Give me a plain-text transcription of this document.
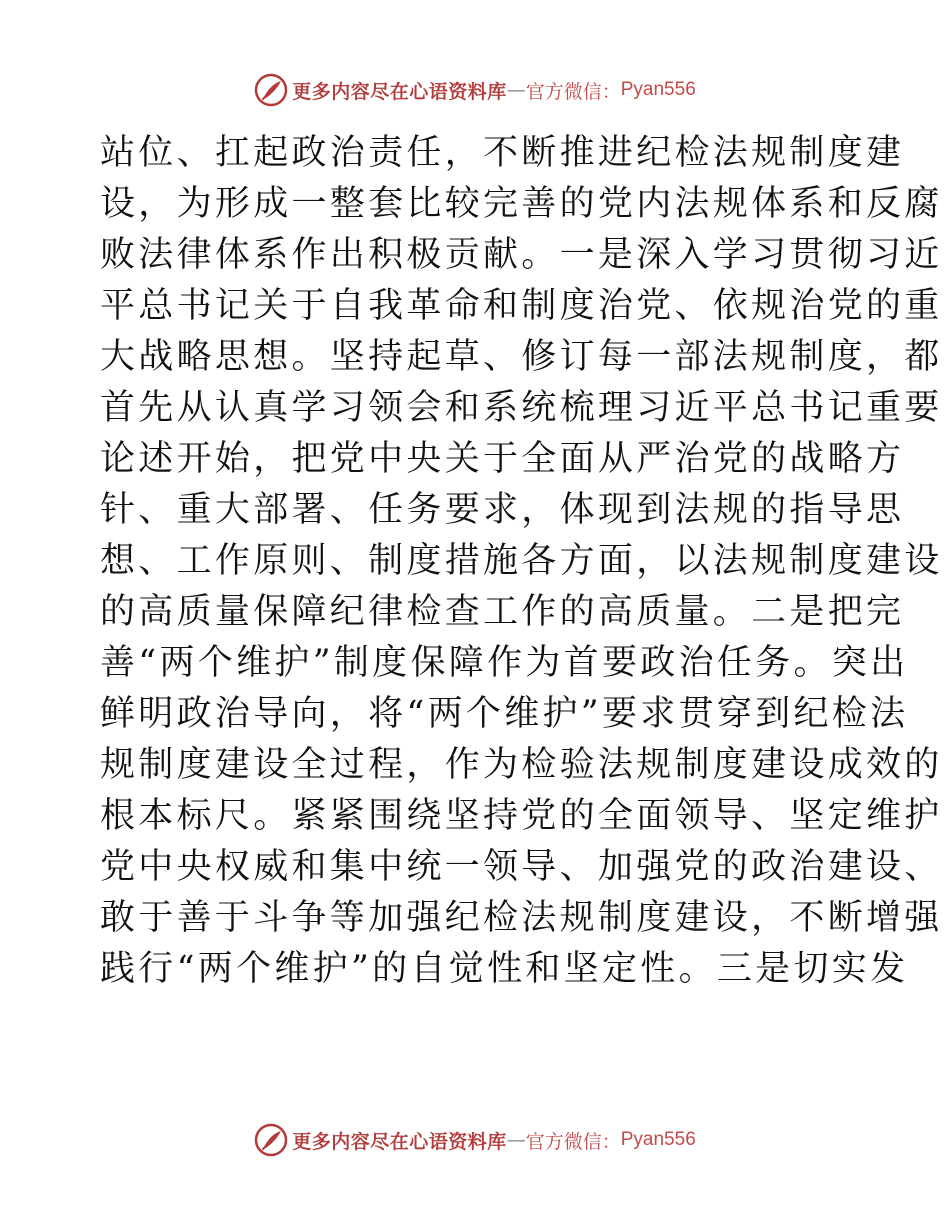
更多内容尽在心语资料库 — 官方微信： Pyan556
站位、扛起政治责任，不断推进纪检法规制度建
设，为形成一整套比较完善的党内法规体系和反腐
败法律体系作出积极贡献。一是深入学习贯彻习近
平总书记关于自我革命和制度治党、依规治党的重
大战略思想。坚持起草、修订每一部法规制度，都
首先从认真学习领会和系统梳理习近平总书记重要
论述开始，把党中央关于全面从严治党的战略方
针、重大部署、任务要求，体现到法规的指导思
想、工作原则、制度措施各方面，以法规制度建设
的高质量保障纪律检查工作的高质量。二是把完
善“两个维护”制度保障作为首要政治任务。突出
鲜明政治导向，将“两个维护”要求贯穿到纪检法
规制度建设全过程，作为检验法规制度建设成效的
根本标尺。紧紧围绕坚持党的全面领导、坚定维护
党中央权威和集中统一领导、加强党的政治建设、
敢于善于斗争等加强纪检法规制度建设，不断增强
践行“两个维护”的自觉性和坚定性。三是切实发
更多内容尽在心语资料库 — 官方微信： Pyan556
